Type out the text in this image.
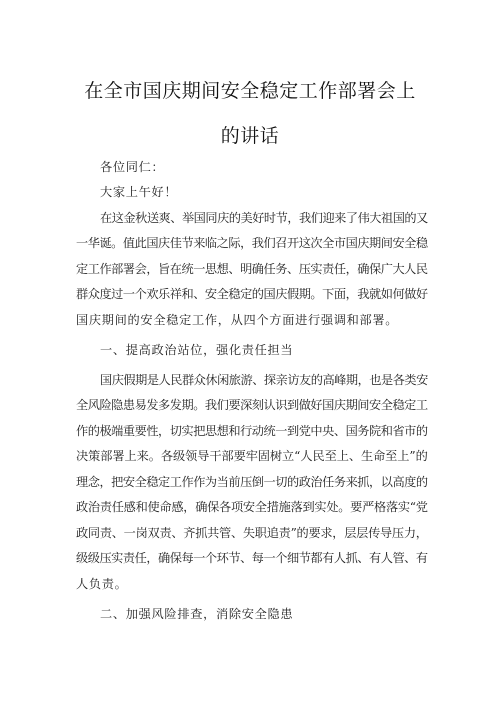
在全市国庆期间安全稳定工作部署会上
的讲话
各位同仁：
大家上午好！
在这金秋送爽、举国同庆的美好时节，我们迎来了伟大祖国的又
一华诞。值此国庆佳节来临之际，我们召开这次全市国庆期间安全稳
定工作部署会，旨在统一思想、明确任务、压实责任，确保广大人民
群众度过一个欢乐祥和、安全稳定的国庆假期。下面，我就如何做好
国庆期间的安全稳定工作，从四个方面进行强调和部署。
一、提高政治站位，强化责任担当
国庆假期是人民群众休闲旅游、探亲访友的高峰期，也是各类安
全风险隐患易发多发期。我们要深刻认识到做好国庆期间安全稳定工
作的极端重要性，切实把思想和行动统一到党中央、国务院和省市的
决策部署上来。各级领导干部要牢固树立“人民至上、生命至上”的
理念，把安全稳定工作作为当前压倒一切的政治任务来抓，以高度的
政治责任感和使命感，确保各项安全措施落到实处。要严格落实“党
政同责、一岗双责、齐抓共管、失职追责”的要求，层层传导压力，
级级压实责任，确保每一个环节、每一个细节都有人抓、有人管、有
人负责。
二、加强风险排查，消除安全隐患
